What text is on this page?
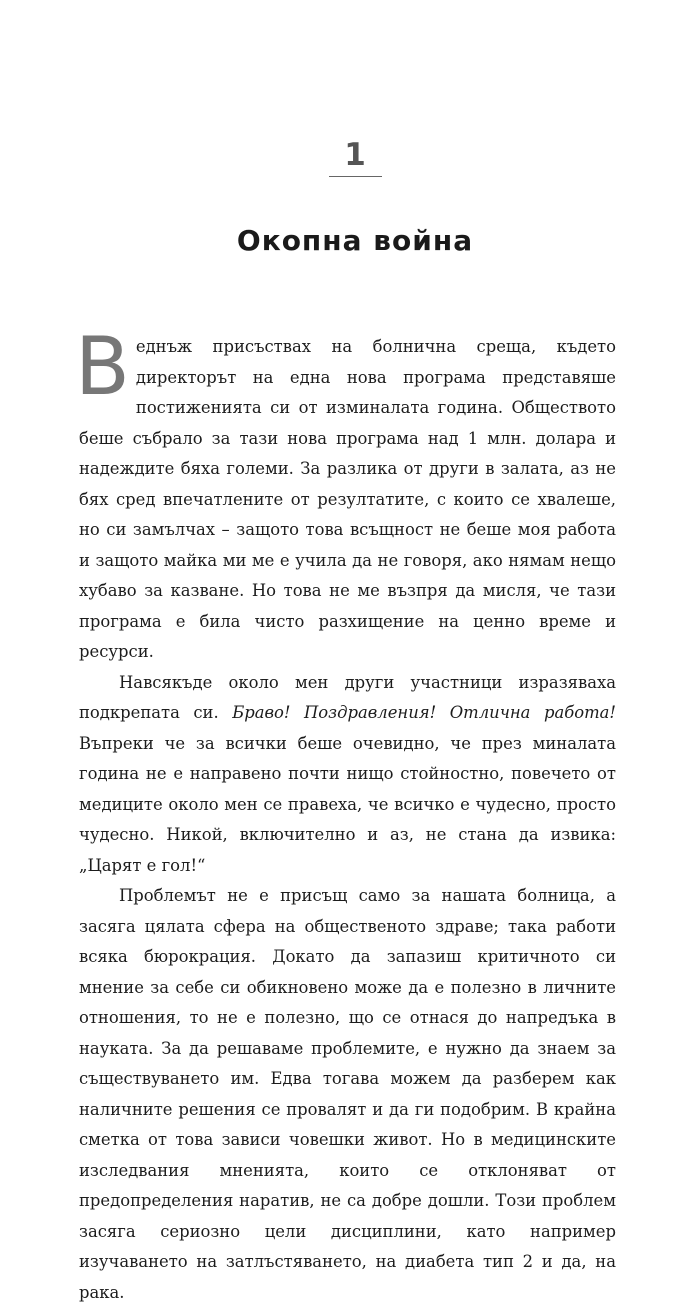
1
Окопна война

Веднъж присъствах на болнична среща, където директорът на една нова програма представяше постиженията си от изминалата година. Обществото беше събрало за тази нова програма над 1 млн. долара и надеждите бяха големи. За разлика от други в залата, аз не бях сред впечатлените от резултатите, с които се хвалеше, но си замълчах – защото това всъщност не беше моя работа и защото майка ми ме е учила да не говоря, ако нямам нещо хубаво за казване. Но това не ме възпря да мисля, че тази програма е била чисто разхищение на ценно време и ресурси.

Навсякъде около мен други участници изразяваха подкрепата си. Браво! Поздравления! Отлична работа! Въпреки че за всички беше очевидно, че през миналата година не е направено почти нищо стойностно, повечето от медиците около мен се правеха, че всичко е чудесно, просто чудесно. Никой, включително и аз, не стана да извика: „Царят е гол!“

Проблемът не е присъщ само за нашата болница, а засяга цялата сфера на общественото здраве; така работи всяка бюрокрация. Докато да запазиш критичното си мнение за себе си обикновено може да е полезно в личните отношения, то не е полезно, що се отнася до напредъка в науката. За да решаваме проблемите, е нужно да знаем за съществуването им. Едва тогава можем да разберем как наличните решения се провалят и да ги подобрим. В крайна сметка от това зависи човешки живот. Но в медицинските изследвания мненията, които се отклоняват от предопределения наратив, не са добре дошли. Този проблем засяга сериозно цели дисциплини, като например изучаването на затлъстяването, на диабета тип 2 и да, на рака.
